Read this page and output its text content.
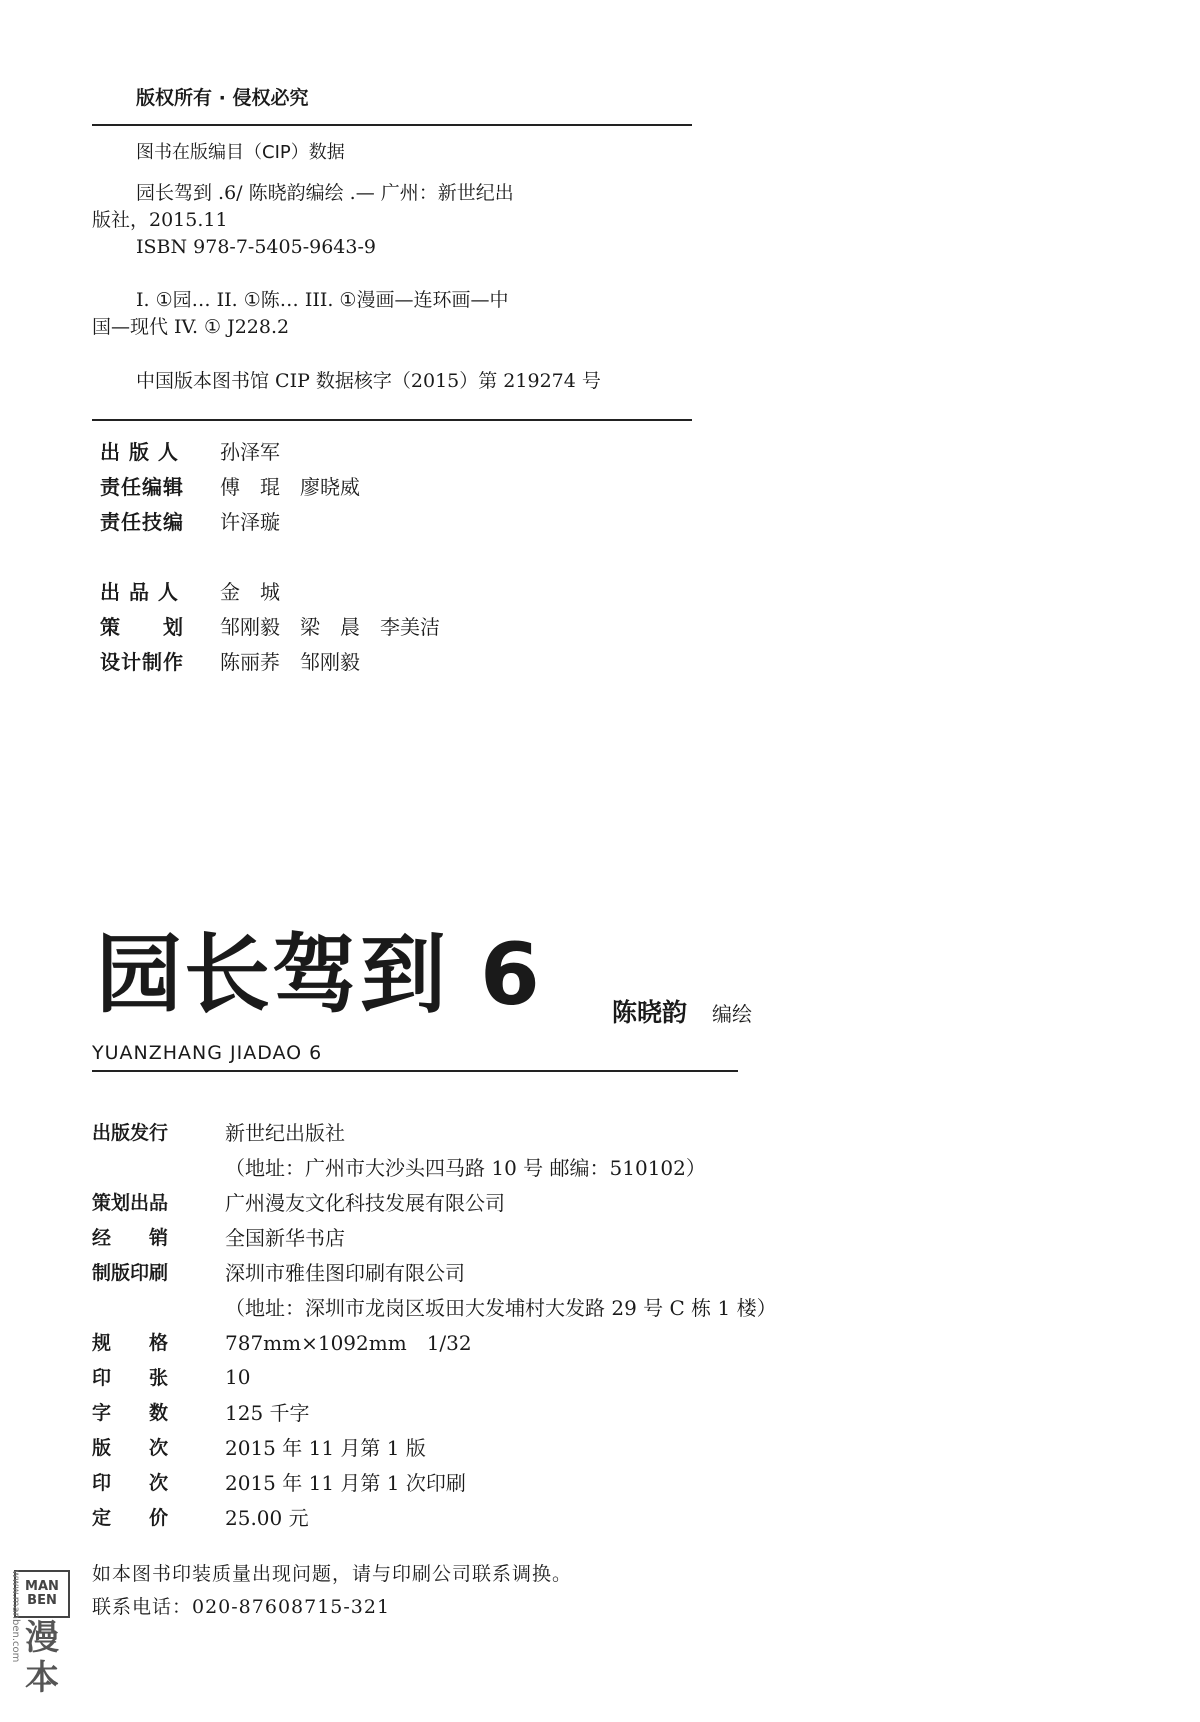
版权所有 · 侵权必究
图书在版编目（CIP）数据
园长驾到 .6/ 陈晓韵编绘 .— 广州：新世纪出
版社，2015.11
ISBN 978-7-5405-9643-9
I. ①园… II. ①陈… III. ①漫画—连环画—中
国—现代 IV. ① J228.2
中国版本图书馆 CIP 数据核字（2015）第 219274 号
出 版 人	孙泽军
责任编辑	傅　琨　廖晓威
责任技编	许泽璇
出 品 人	金　城
策　　划	邹刚毅　梁　晨　李美洁
设计制作	陈丽荞　邹刚毅
园长驾到 6	陈晓韵 编绘
YUANZHANG JIADAO 6
出版发行	新世纪出版社
（地址：广州市大沙头四马路 10 号 邮编：510102）
策划出品	广州漫友文化科技发展有限公司
经　　销	全国新华书店
制版印刷	深圳市雅佳图印刷有限公司
（地址：深圳市龙岗区坂田大发埔村大发路 29 号 C 栋 1 楼）
规　　格	787mm×1092mm　1/32
印　　张	10
字　　数	125 千字
版　　次	2015 年 11 月第 1 版
印　　次	2015 年 11 月第 1 次印刷
定　　价	25.00 元
如本图书印装质量出现问题，请与印刷公司联系调换。
联系电话：020-87608715-321
www.manben.com MAN BEN
漫
本
